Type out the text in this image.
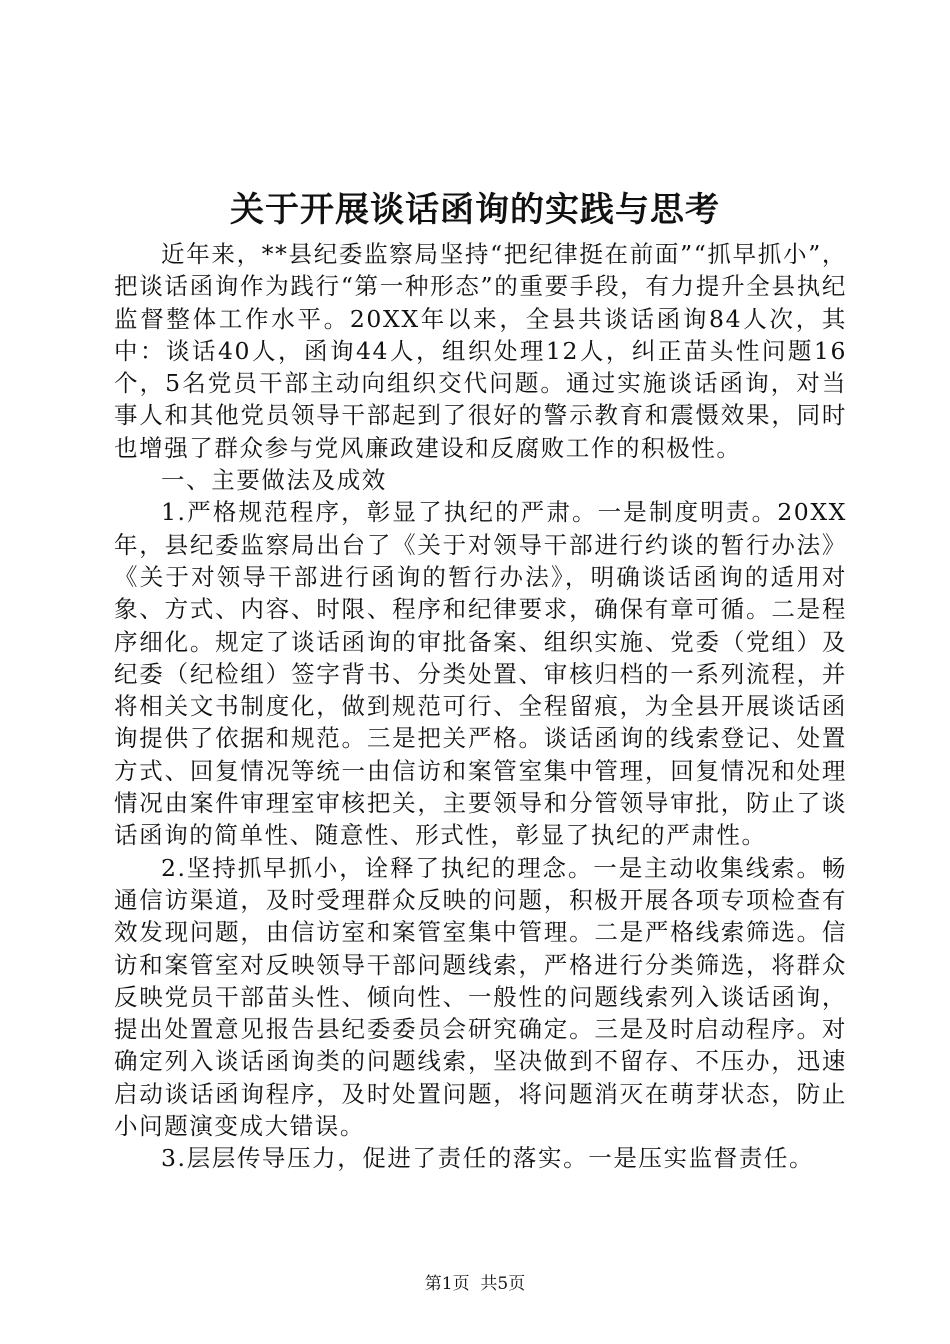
关于开展谈话函询的实践与思考

近年来，**县纪委监察局坚持“把纪律挺在前面”“抓早抓小”，把谈话函询作为践行“第一种形态”的重要手段，有力提升全县执纪监督整体工作水平。20XX年以来，全县共谈话函询84人次，其中：谈话40人，函询44人，组织处理12人，纠正苗头性问题16个，5名党员干部主动向组织交代问题。通过实施谈话函询，对当事人和其他党员领导干部起到了很好的警示教育和震慑效果，同时也增强了群众参与党风廉政建设和反腐败工作的积极性。

一、主要做法及成效

1.严格规范程序，彰显了执纪的严肃。一是制度明责。20XX年，县纪委监察局出台了《关于对领导干部进行约谈的暂行办法》《关于对领导干部进行函询的暂行办法》，明确谈话函询的适用对象、方式、内容、时限、程序和纪律要求，确保有章可循。二是程序细化。规定了谈话函询的审批备案、组织实施、党委（党组）及纪委（纪检组）签字背书、分类处置、审核归档的一系列流程，并将相关文书制度化，做到规范可行、全程留痕，为全县开展谈话函询提供了依据和规范。三是把关严格。谈话函询的线索登记、处置方式、回复情况等统一由信访和案管室集中管理，回复情况和处理情况由案件审理室审核把关，主要领导和分管领导审批，防止了谈话函询的简单性、随意性、形式性，彰显了执纪的严肃性。

2.坚持抓早抓小，诠释了执纪的理念。一是主动收集线索。畅通信访渠道，及时受理群众反映的问题，积极开展各项专项检查有效发现问题，由信访室和案管室集中管理。二是严格线索筛选。信访和案管室对反映领导干部问题线索，严格进行分类筛选，将群众反映党员干部苗头性、倾向性、一般性的问题线索列入谈话函询，提出处置意见报告县纪委委员会研究确定。三是及时启动程序。对确定列入谈话函询类的问题线索，坚决做到不留存、不压办，迅速启动谈话函询程序，及时处置问题，将问题消灭在萌芽状态，防止小问题演变成大错误。

3.层层传导压力，促进了责任的落实。一是压实监督责任。

第1页 共5页
